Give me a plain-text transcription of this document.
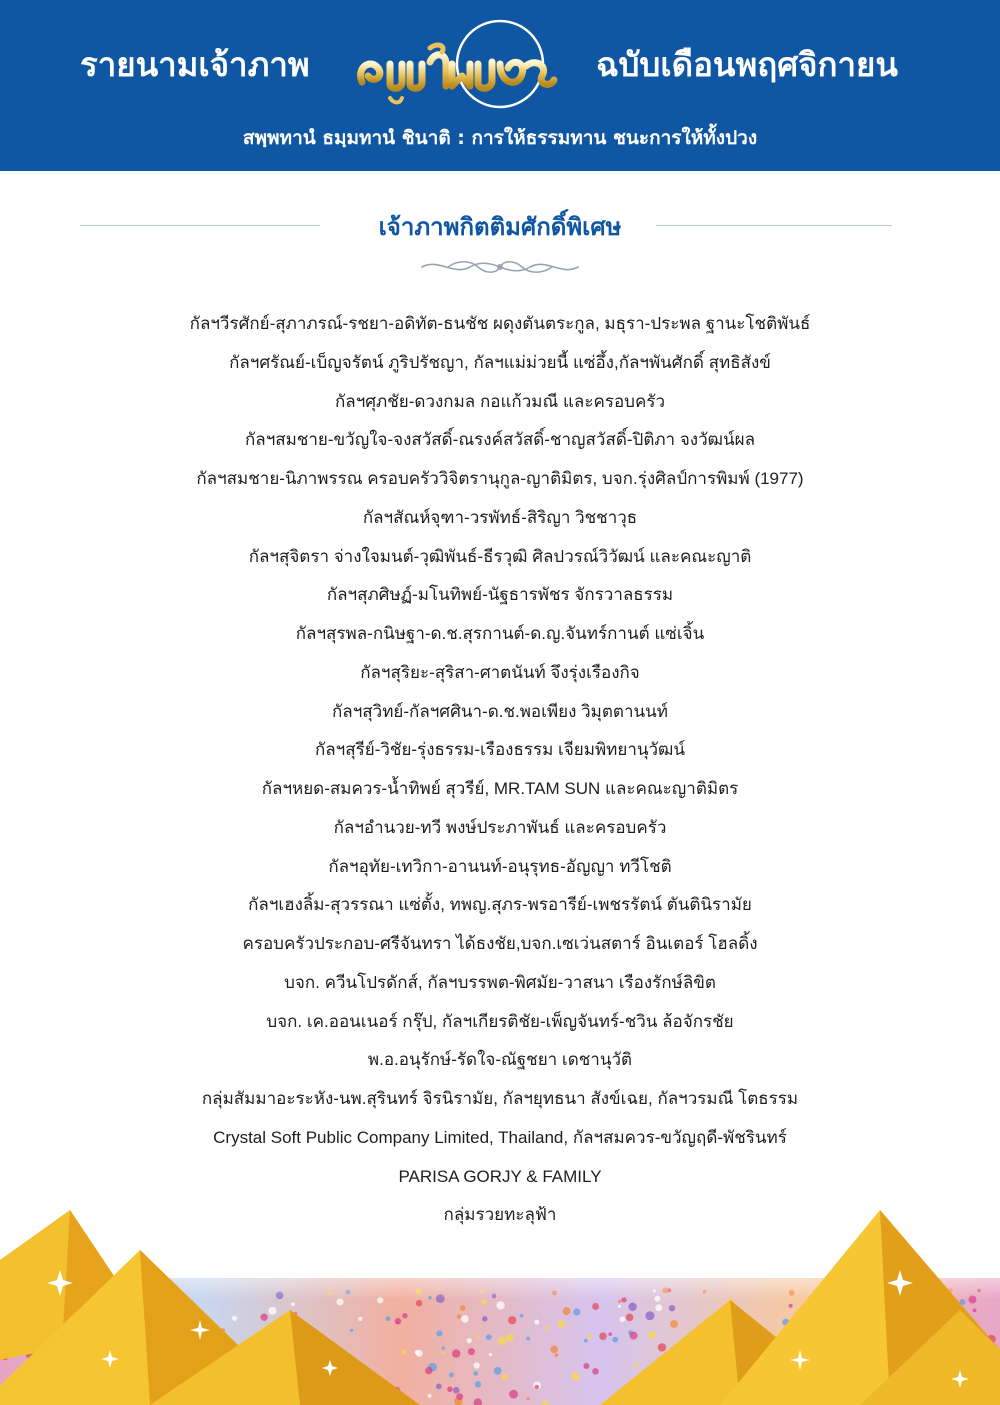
รายนามเจ้าภาพ	ฉบับเดือนพฤศจิกายน
สพฺพทานํ ธมฺมทานํ ชินาติ : การให้ธรรมทาน ชนะการให้ทั้งปวง
เจ้าภาพกิตติมศักดิ์พิเศษ
กัลฯวีรศักย์-สุภาภรณ์-รชยา-อดิทัต-ธนชัช ผดุงตันตระกูล, มธุรา-ประพล ฐานะโชติพันธ์
กัลฯศรัณย์-เบ็ญจรัตน์ ภูริปรัชญา, กัลฯแม่ม่วยนี้ แซ่อึ้ง,กัลฯพันศักดิ์ สุทธิสังข์
กัลฯศุภชัย-ดวงกมล กอแก้วมณี และครอบครัว
กัลฯสมชาย-ขวัญใจ-จงสวัสดิ์-ณรงค์สวัสดิ์-ชาญสวัสดิ์-ปิติภา จงวัฒน์ผล
กัลฯสมชาย-นิภาพรรณ ครอบครัววิจิตรานุกูล-ญาติมิตร, บจก.รุ่งศิลป์การพิมพ์ (1977)
กัลฯสัณห์จุฑา-วรพัทธ์-สิริญา วิชชาวุธ
กัลฯสุจิตรา จ่างใจมนต์-วุฒิพันธ์-ธีรวุฒิ ศิลปวรณ์วิวัฒน์ และคณะญาติ
กัลฯสุภศิษฏ์-มโนทิพย์-นัฐธารพัชร จักรวาลธรรม
กัลฯสุรพล-กนิษฐา-ด.ช.สุรกานต์-ด.ญ.จันทร์กานต์ แซ่เจิ้น
กัลฯสุริยะ-สุริสา-ศาตนันท์ จึงรุ่งเรืองกิจ
กัลฯสุวิทย์-กัลฯศศินา-ด.ช.พอเพียง วิมุตตานนท์
กัลฯสุรีย์-วิชัย-รุ่งธรรม-เรืองธรรม เจียมพิทยานุวัฒน์
กัลฯหยด-สมควร-น้ำทิพย์ สุวรีย์, MR.TAM SUN และคณะญาติมิตร
กัลฯอำนวย-ทวี พงษ์ประภาพันธ์ และครอบครัว
กัลฯอุทัย-เทวิกา-อานนท์-อนุรุทธ-อัญญา ทวีโชติ
กัลฯเฮงลิ้ม-สุวรรณา แซ่ตั้ง, ทพญ.สุภร-พรอารีย์-เพชรรัตน์ ตันตินิรามัย
ครอบครัวประกอบ-ศรีจันทรา ได้ธงชัย,บจก.เซเว่นสตาร์ อินเตอร์ โฮลดิ้ง
บจก. ควีนโปรดักส์, กัลฯบรรพต-พิศมัย-วาสนา เรืองรักษ์ลิขิต
บจก. เค.ออนเนอร์ กรุ๊ป, กัลฯเกียรติชัย-เพ็ญจันทร์-ชวิน ล้อจักรชัย
พ.อ.อนุรักษ์-รัดใจ-ณัฐชยา เดชานุวัติ
กลุ่มสัมมาอะระหัง-นพ.สุรินทร์ จิรนิรามัย, กัลฯยุทธนา สังข์เฉย, กัลฯวรมณี โตธรรม
Crystal Soft Public Company Limited, Thailand, กัลฯสมควร-ขวัญฤดี-พัชรินทร์
PARISA GORJY & FAMILY
กลุ่มรวยทะลุฟ้า
